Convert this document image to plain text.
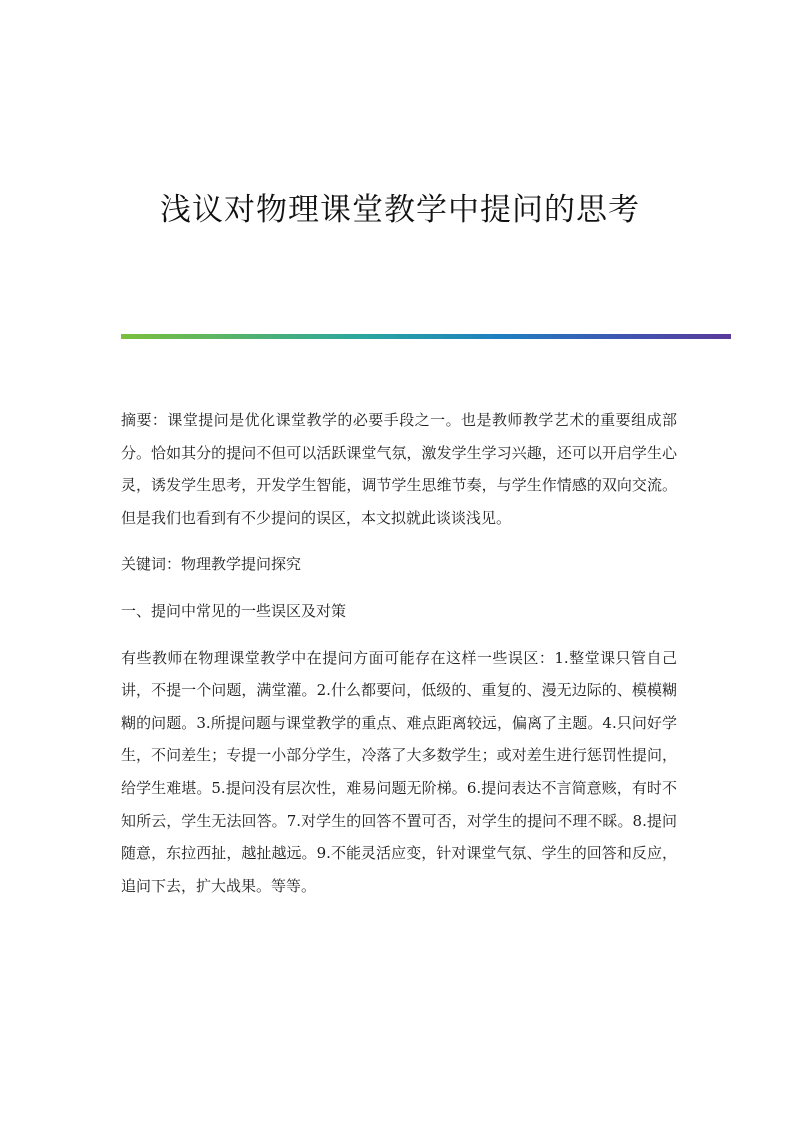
浅议对物理课堂教学中提问的思考

摘要：课堂提问是优化课堂教学的必要手段之一。也是教师教学艺术的重要组成部分。恰如其分的提问不但可以活跃课堂气氛，激发学生学习兴趣，还可以开启学生心灵，诱发学生思考，开发学生智能，调节学生思维节奏，与学生作情感的双向交流。但是我们也看到有不少提问的误区，本文拟就此谈谈浅见。

关键词：物理教学提问探究

一、提问中常见的一些误区及对策

有些教师在物理课堂教学中在提问方面可能存在这样一些误区：1.整堂课只管自己讲，不提一个问题，满堂灌。2.什么都要问，低级的、重复的、漫无边际的、模模糊糊的问题。3.所提问题与课堂教学的重点、难点距离较远，偏离了主题。4.只问好学生，不问差生；专提一小部分学生，冷落了大多数学生；或对差生进行惩罚性提问，给学生难堪。5.提问没有层次性，难易问题无阶梯。6.提问表达不言简意赅，有时不知所云，学生无法回答。7.对学生的回答不置可否，对学生的提问不理不睬。8.提问随意，东拉西扯，越扯越远。9.不能灵活应变，针对课堂气氛、学生的回答和反应，追问下去，扩大战果。等等。
